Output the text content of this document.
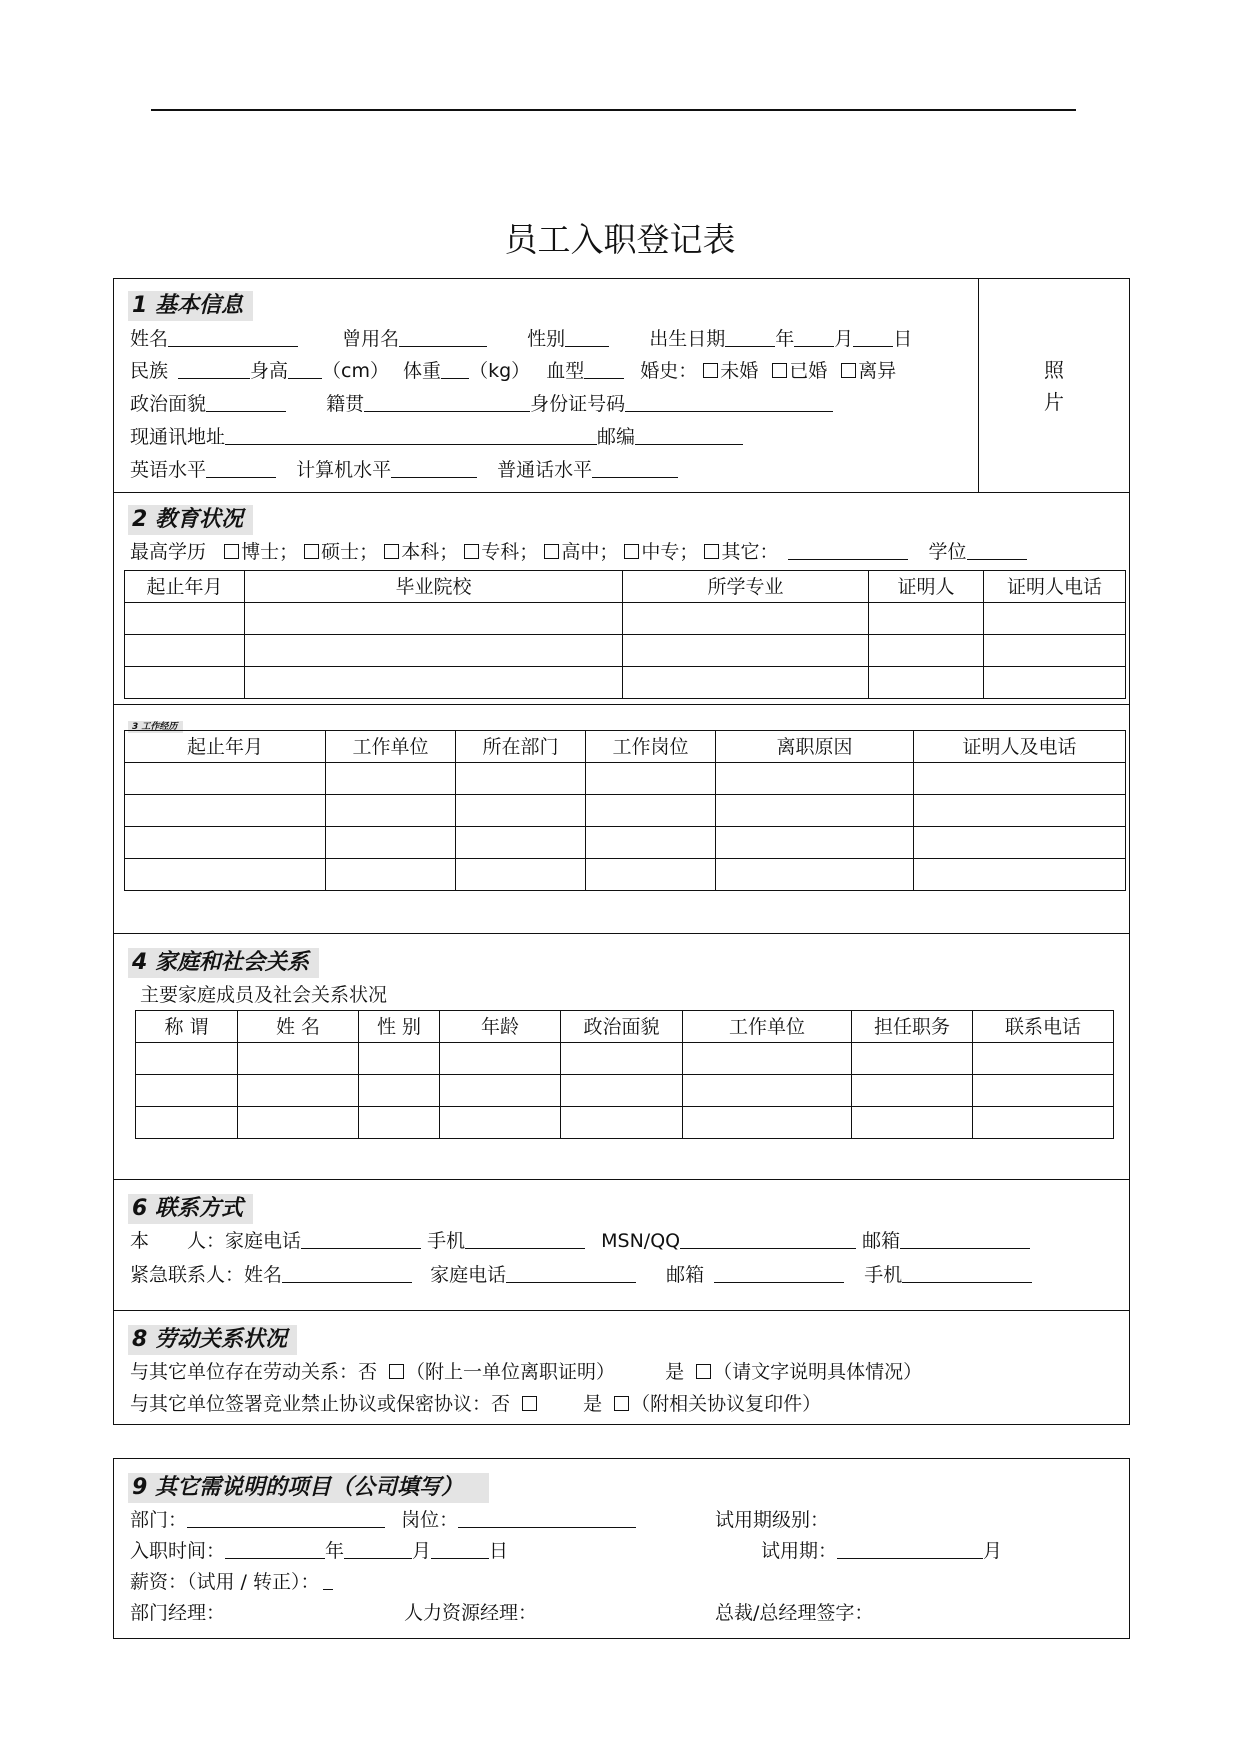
员工入职登记表
1 基本信息
姓名	曾用名	性别	出生日期	年 月 日
民族	身高 （cm） 体重 （kg） 血型	婚史： 未婚 已婚 离异
政治面貌	籍贯	身份证号码
现通讯地址	邮编
英语水平	计算机水平	普通话水平
照片
2 教育状况
最高学历 博士； 硕士； 本科； 专科； 高中； 中专； 其它：	学位
起止年月	毕业院校	所学专业	证明人	证明人电话

3 工作经历
起止年月	工作单位	所在部门	工作岗位	离职原因	证明人及电话

4 家庭和社会关系
主要家庭成员及社会关系状况
称 谓	姓 名	性 别	年龄	政治面貌	工作单位	担任职务	联系电话

6 联系方式
本　　人：家庭电话	手机	MSN/QQ	邮箱
紧急联系人：姓名	家庭电话	邮箱	手机
8 劳动关系状况
与其它单位存在劳动关系：否 （附上一单位离职证明）	是 （请文字说明具体情况）
与其它单位签署竞业禁止协议或保密协议：否	是 （附相关协议复印件）
9 其它需说明的项目（公司填写）
部门：	岗位：	试用期级别：
入职时间：	年	月	日	试用期：	月
薪资：（试用 / 转正）：
部门经理：	人力资源经理：	总裁/总经理签字：
